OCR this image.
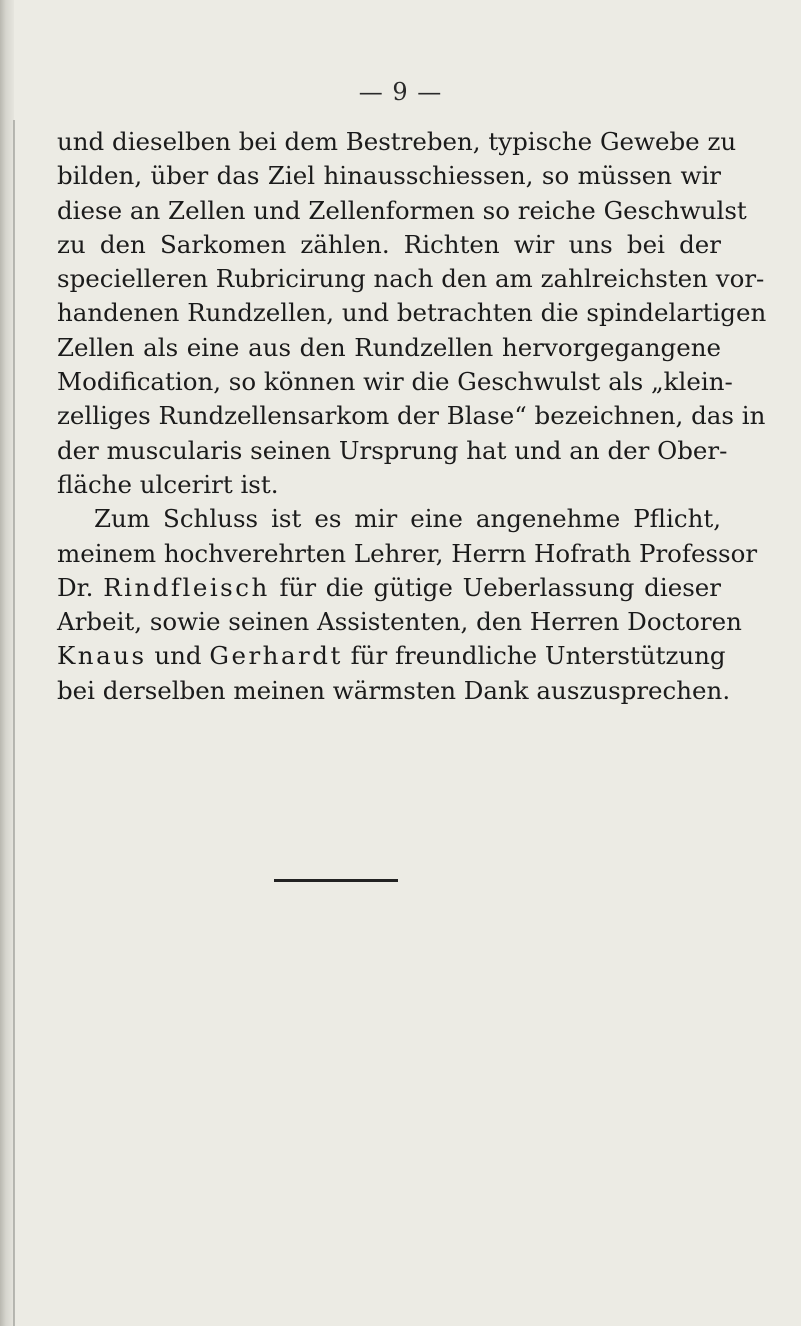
— 9 —
und dieselben bei dem Bestreben, typische Gewebe zu
bilden, über das Ziel hinausschiessen, so müssen wir
diese an Zellen und Zellenformen so reiche Geschwulst
zu den Sarkomen zählen. Richten wir uns bei der
specielleren Rubricirung nach den am zahlreichsten vor-
handenen Rundzellen, und betrachten die spindelartigen
Zellen als eine aus den Rundzellen hervorgegangene
Modification, so können wir die Geschwulst als „klein-
zelliges Rundzellensarkom der Blase“ bezeichnen, das in
der muscularis seinen Ursprung hat und an der Ober-
fläche ulcerirt ist.
Zum Schluss ist es mir eine angenehme Pflicht,
meinem hochverehrten Lehrer, Herrn Hofrath Professor
Dr. Rindfleisch für die gütige Ueberlassung dieser
Arbeit, sowie seinen Assistenten, den Herren Doctoren
Knaus und Gerhardt für freundliche Unterstützung
bei derselben meinen wärmsten Dank auszusprechen.
